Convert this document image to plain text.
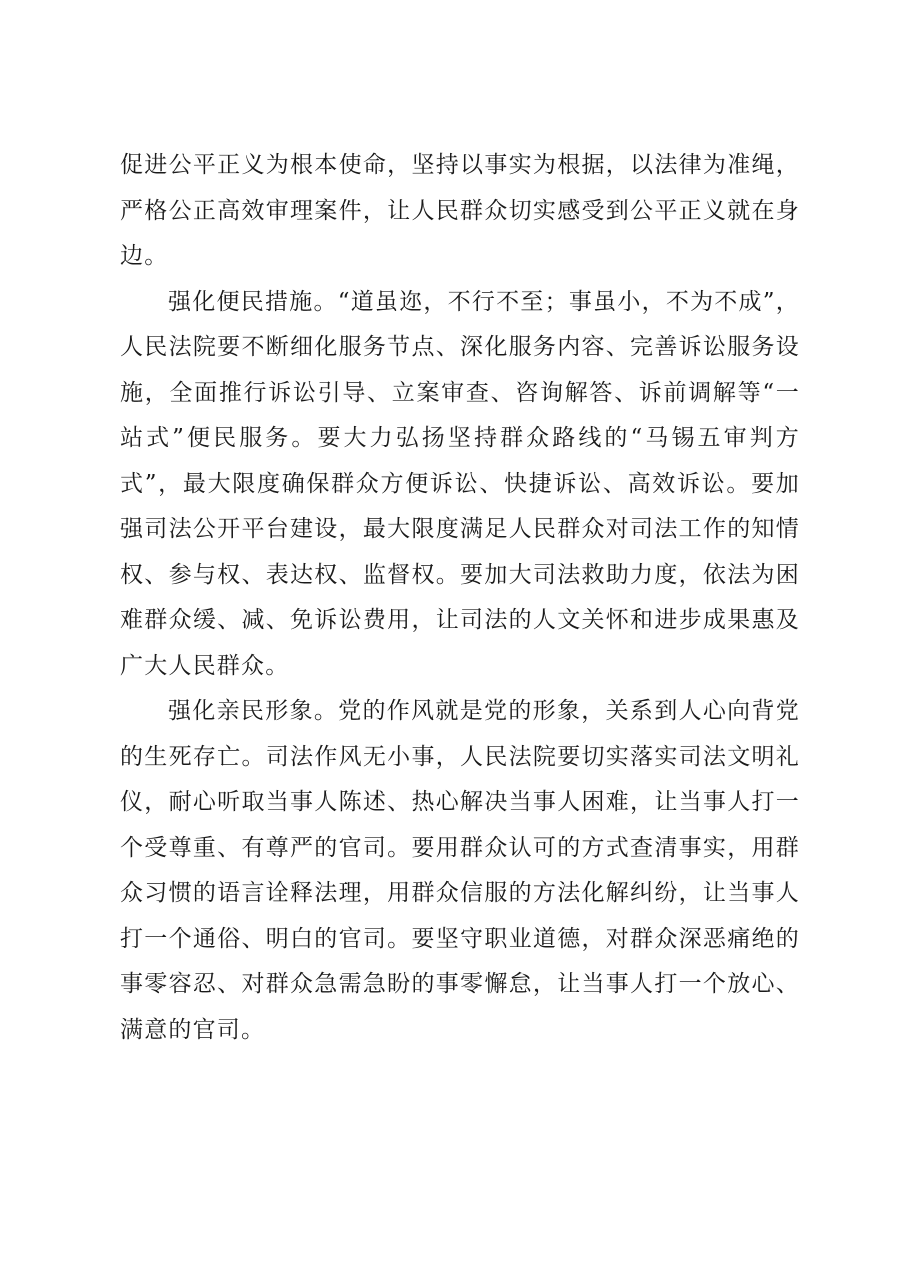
促进公平正义为根本使命，坚持以事实为根据，以法律为准绳，严格公正高效审理案件，让人民群众切实感受到公平正义就在身边。

强化便民措施。“道虽迩，不行不至；事虽小，不为不成”，人民法院要不断细化服务节点、深化服务内容、完善诉讼服务设施，全面推行诉讼引导、立案审查、咨询解答、诉前调解等“一站式”便民服务。要大力弘扬坚持群众路线的“马锡五审判方式”，最大限度确保群众方便诉讼、快捷诉讼、高效诉讼。要加强司法公开平台建设，最大限度满足人民群众对司法工作的知情权、参与权、表达权、监督权。要加大司法救助力度，依法为困难群众缓、减、免诉讼费用，让司法的人文关怀和进步成果惠及广大人民群众。

强化亲民形象。党的作风就是党的形象，关系到人心向背党的生死存亡。司法作风无小事，人民法院要切实落实司法文明礼仪，耐心听取当事人陈述、热心解决当事人困难，让当事人打一个受尊重、有尊严的官司。要用群众认可的方式查清事实，用群众习惯的语言诠释法理，用群众信服的方法化解纠纷，让当事人打一个通俗、明白的官司。要坚守职业道德，对群众深恶痛绝的事零容忍、对群众急需急盼的事零懈怠，让当事人打一个放心、满意的官司。
